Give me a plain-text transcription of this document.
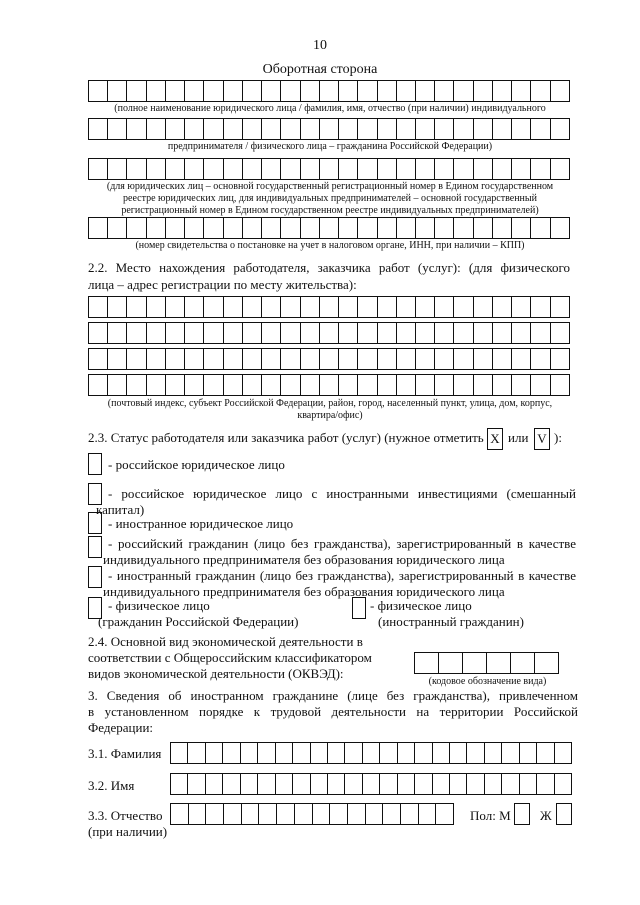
10
Оборотная сторона
(полное наименование юридического лица / фамилия, имя, отчество (при наличии) индивидуального
предпринимателя / физического лица – гражданина Российской Федерации)
(для юридических лиц – основной государственный регистрационный номер в Едином государственном
реестре юридических лиц, для индивидуальных предпринимателей – основной государственный
регистрационный номер в Едином государственном реестре индивидуальных предпринимателей)
(номер свидетельства о постановке на учет в налоговом органе, ИНН, при наличии – КПП)
2.2. Место нахождения работодателя, заказчика работ (услуг): (для физического
лица – адрес регистрации по месту жительства):
(почтовый индекс, субъект Российской Федерации, район, город, населенный пункт, улица, дом, корпус,
квартира/офис)
2.3. Статус работодателя или заказчика работ (услуг) (нужное отметить X или V ):
- российское юридическое лицо
- российское юридическое лицо с иностранными инвестициями (смешанный
капитал)
- иностранное юридическое лицо
- российский гражданин (лицо без гражданства), зарегистрированный в качестве
индивидуального предпринимателя без образования юридического лица
- иностранный гражданин (лицо без гражданства), зарегистрированный в качестве
индивидуального предпринимателя без образования юридического лица
- физическое лицо
(гражданин Российской Федерации)
- физическое лицо
(иностранный гражданин)
2.4. Основной вид экономической деятельности в
соответствии с Общероссийским классификатором
видов экономической деятельности (ОКВЭД):
(кодовое обозначение вида)
3. Сведения об иностранном гражданине (лице без гражданства), привлеченном
в установленном порядке к трудовой деятельности на территории Российской
Федерации:
3.1. Фамилия
3.2. Имя
3.3. Отчество
(при наличии)
Пол: М Ж
